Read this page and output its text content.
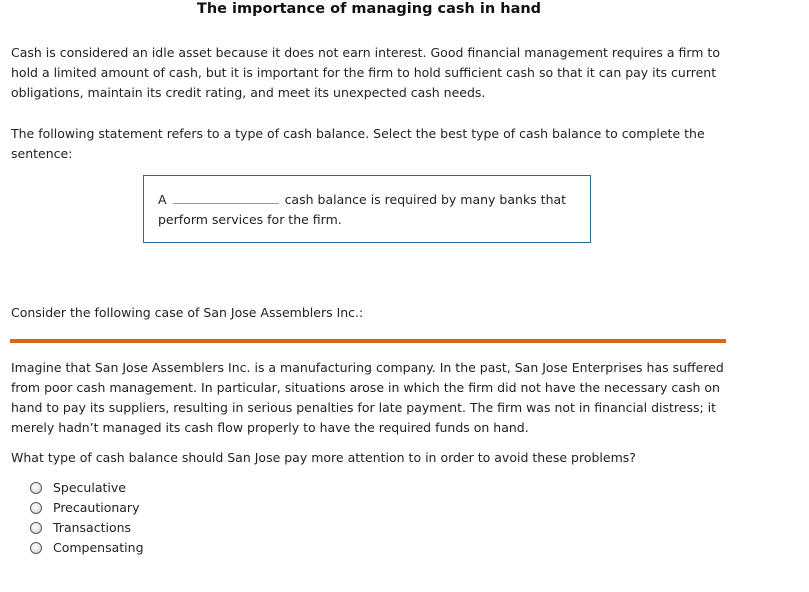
The importance of managing cash in hand

Cash is considered an idle asset because it does not earn interest. Good financial management requires a firm to hold a limited amount of cash, but it is important for the firm to hold sufficient cash so that it can pay its current obligations, maintain its credit rating, and meet its unexpected cash needs.

The following statement refers to a type of cash balance. Select the best type of cash balance to complete the sentence:

A	cash balance is required by many banks that perform services for the firm.

Consider the following case of San Jose Assemblers Inc.:

Imagine that San Jose Assemblers Inc. is a manufacturing company. In the past, San Jose Enterprises has suffered from poor cash management. In particular, situations arose in which the firm did not have the necessary cash on hand to pay its suppliers, resulting in serious penalties for late payment. The firm was not in financial distress; it merely hadn’t managed its cash flow properly to have the required funds on hand.

What type of cash balance should San Jose pay more attention to in order to avoid these problems?

Speculative
Precautionary
Transactions
Compensating
